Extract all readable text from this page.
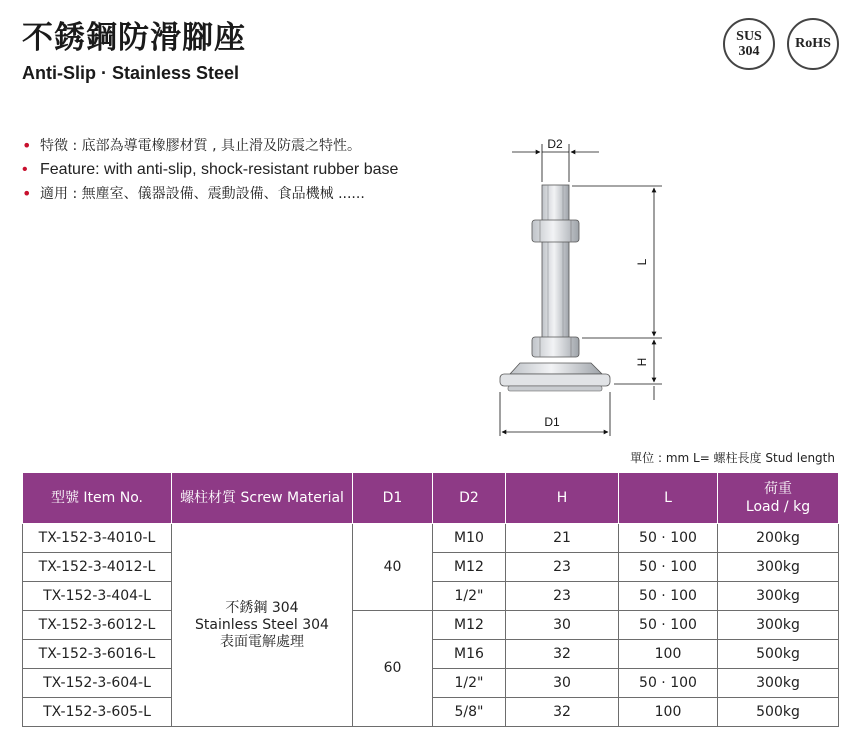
不銹鋼防滑腳座
Anti-Slip · Stainless Steel
SUS
304
RoHS
• 特徵 : 底部為導電橡膠材質 , 具止滑及防震之特性。
• Feature: with anti-slip, shock-resistant rubber base
• 適用 : 無塵室、儀器設備、震動設備、食品機械 ......
D2
L
H
D1
單位 : mm L= 螺柱長度 Stud length
型號 Item No.	螺柱材質 Screw Material	D1	D2	H	L	荷重
Load / kg

TX-152-3-4010-L	不銹鋼 304
Stainless Steel 304
表面電解處理	40	M10	21	50 · 100	200kg
TX-152-3-4012-L			M12	23	50 · 100	300kg
TX-152-3-404-L			1/2"	23	50 · 100	300kg
TX-152-3-6012-L		60	M12	30	50 · 100	300kg
TX-152-3-6016-L			M16	32	100	500kg
TX-152-3-604-L			1/2"	30	50 · 100	300kg
TX-152-3-605-L			5/8"	32	100	500kg
